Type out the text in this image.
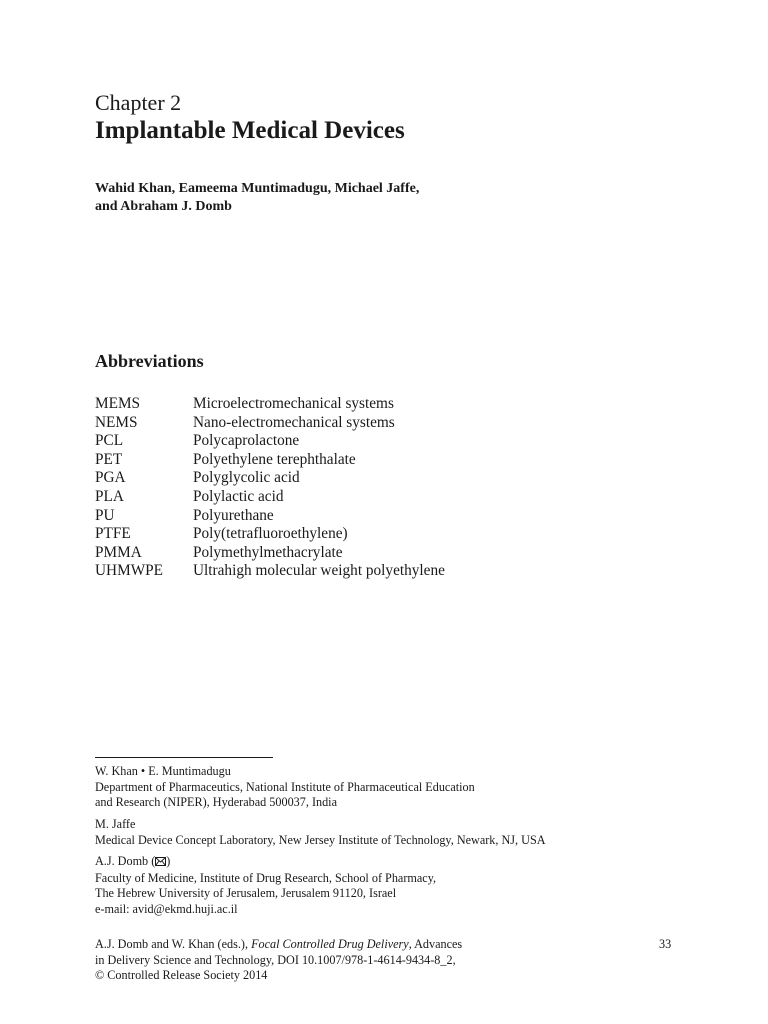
Chapter 2
Implantable Medical Devices
Wahid Khan, Eameema Muntimadugu, Michael Jaffe,
and Abraham J. Domb
Abbreviations
MEMS	Microelectromechanical systems
NEMS	Nano-electromechanical systems
PCL	Polycaprolactone
PET	Polyethylene terephthalate
PGA	Polyglycolic acid
PLA	Polylactic acid
PU	Polyurethane
PTFE	Poly(tetrafluoroethylene)
PMMA	Polymethylmethacrylate
UHMWPE Ultrahigh molecular weight polyethylene
W. Khan • E. Muntimadugu
Department of Pharmaceutics, National Institute of Pharmaceutical Education
and Research (NIPER), Hyderabad 500037, India
M. Jaffe
Medical Device Concept Laboratory, New Jersey Institute of Technology, Newark, NJ, USA
A.J. Domb ( )
Faculty of Medicine, Institute of Drug Research, School of Pharmacy,
The Hebrew University of Jerusalem, Jerusalem 91120, Israel
e-mail: avid@ekmd.huji.ac.il
A.J. Domb and W. Khan (eds.), Focal Controlled Drug Delivery, Advances
in Delivery Science and Technology, DOI 10.1007/978-1-4614-9434-8_2,
© Controlled Release Society 2014
33
